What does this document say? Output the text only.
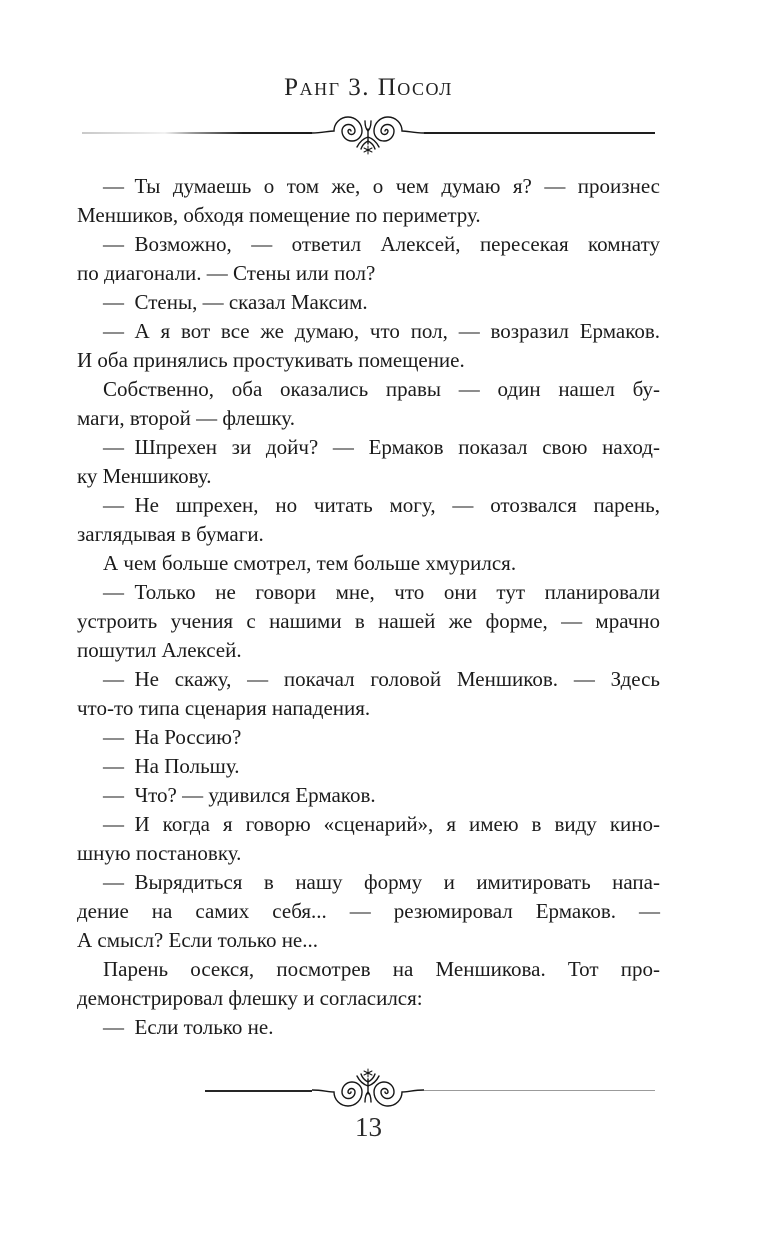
Ранг 3. Посол
— Ты думаешь о том же, о чем думаю я? — произнес
Меншиков, обходя помещение по периметру.
— Возможно, — ответил Алексей, пересекая комнату
по диагонали. — Стены или пол?
— Стены, — сказал Максим.
— А я вот все же думаю, что пол, — возразил Ермаков.
И оба принялись простукивать помещение.
Собственно, оба оказались правы — один нашел бу-
маги, второй — флешку.
— Шпрехен зи дойч? — Ермаков показал свою наход-
ку Меншикову.
— Не шпрехен, но читать могу, — отозвался парень,
заглядывая в бумаги.
А чем больше смотрел, тем больше хмурился.
— Только не говори мне, что они тут планировали
устроить учения с нашими в нашей же форме, — мрачно
пошутил Алексей.
— Не скажу, — покачал головой Меншиков. — Здесь
что-то типа сценария нападения.
— На Россию?
— На Польшу.
— Что? — удивился Ермаков.
— И когда я говорю «сценарий», я имею в виду кино-
шную постановку.
— Вырядиться в нашу форму и имитировать напа-
дение на самих себя... — резюмировал Ермаков. —
А смысл? Если только не...
Парень осекся, посмотрев на Меншикова. Тот про-
демонстрировал флешку и согласился:
— Если только не.
13
